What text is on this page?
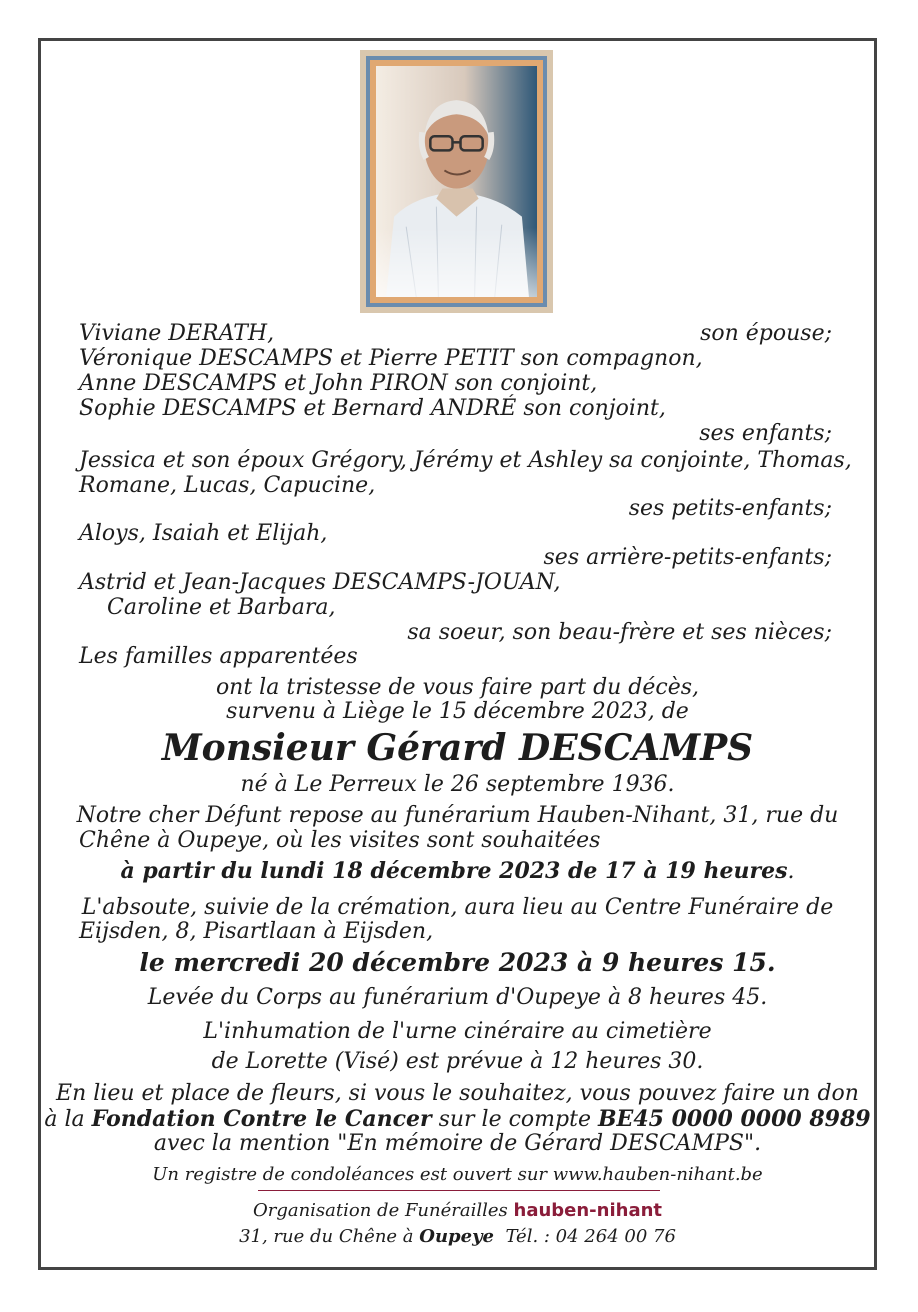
Viviane DERATH,	son épouse;
Véronique DESCAMPS et Pierre PETIT son compagnon,
Anne DESCAMPS et John PIRON son conjoint,
Sophie DESCAMPS et Bernard ANDRÉ son conjoint,
ses enfants;
Jessica et son époux Grégory, Jérémy et Ashley sa conjointe, Thomas,
Romane, Lucas, Capucine,
ses petits-enfants;
Aloys, Isaiah et Elijah,
ses arrière-petits-enfants;
Astrid et Jean-Jacques DESCAMPS-JOUAN,
Caroline et Barbara,
sa soeur, son beau-frère et ses nièces;
Les familles apparentées
ont la tristesse de vous faire part du décès,
survenu à Liège le 15 décembre 2023, de
Monsieur Gérard DESCAMPS
né à Le Perreux le 26 septembre 1936.
Notre cher Défunt repose au funérarium Hauben-Nihant, 31, rue du
Chêne à Oupeye, où les visites sont souhaitées
à partir du lundi 18 décembre 2023 de 17 à 19 heures.
L'absoute, suivie de la crémation, aura lieu au Centre Funéraire de
Eijsden, 8, Pisartlaan à Eijsden,
le mercredi 20 décembre 2023 à 9 heures 15.
Levée du Corps au funérarium d'Oupeye à 8 heures 45.
L'inhumation de l'urne cinéraire au cimetière
de Lorette (Visé) est prévue à 12 heures 30.
En lieu et place de fleurs, si vous le souhaitez, vous pouvez faire un don
à la Fondation Contre le Cancer sur le compte BE45 0000 0000 8989
avec la mention "En mémoire de Gérard DESCAMPS".
Un registre de condoléances est ouvert sur www.hauben-nihant.be
Organisation de Funérailles hauben-nihant
31, rue du Chêne à Oupeye Tél. : 04 264 00 76
